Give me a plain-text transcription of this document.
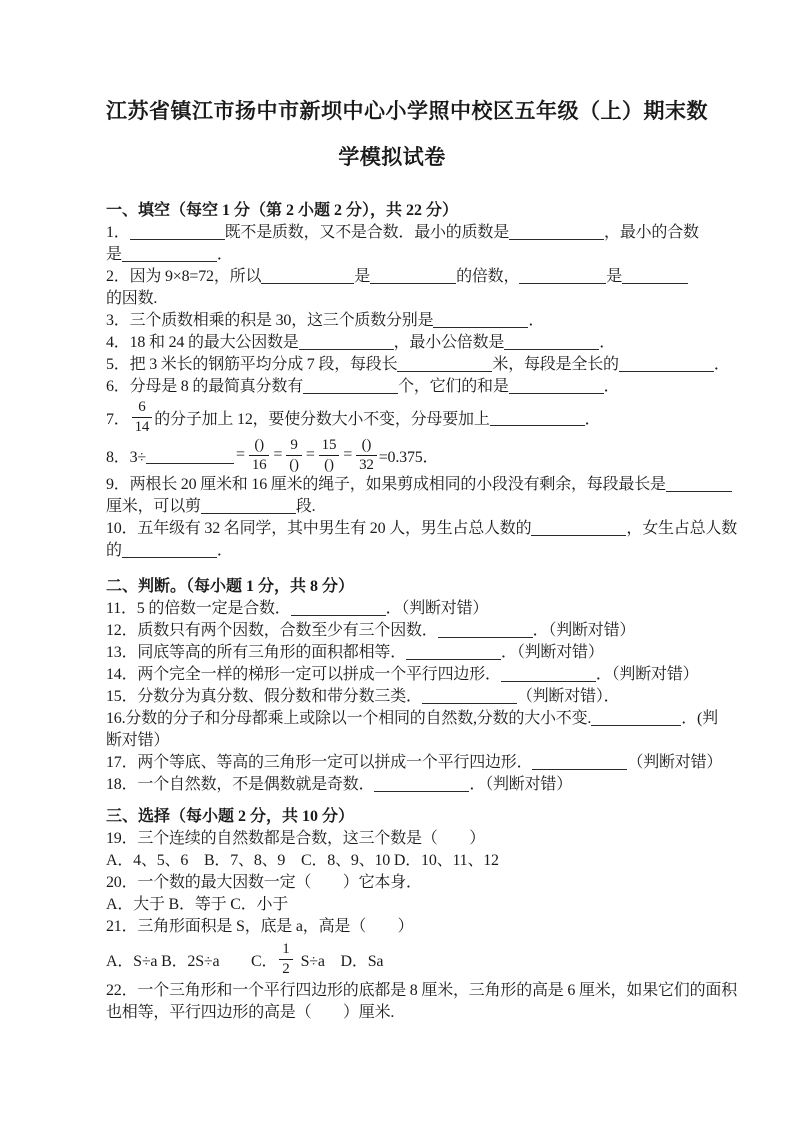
江苏省镇江市扬中市新坝中心小学照中校区五年级（上）期末数
学模拟试卷
一、填空（每空 1 分（第 2 小题 2 分），共 22 分）
1．	既不是质数，又不是合数．最小的质数是	，最小的合数
是	．
2．因为 9×8=72，所以	是	的倍数，	是
的因数.
3．三个质数相乘的积是 30，这三个质数分别是	．
4．18 和 24 的最大公因数是	，最小公倍数是	．
5．把 3 米长的钢筋平均分成 7 段，每段长	米，每段是全长的	．
6．分母是 8 的最简真分数有	个，它们的和是	．
7． $\frac{6}{14}$ 的分子加上 12，要使分数大小不变，分母要加上	．
8．3÷	= $\frac{()}{16} = \frac{9}{()} = \frac{15}{()} = \frac{()}{32} =0.375$．
9．两根长 20 厘米和 16 厘米的绳子，如果剪成相同的小段没有剩余，每段最长是
厘米，可以剪	段.
10．五年级有 32 名同学，其中男生有 20 人，男生占总人数的	，女生占总人数
的	．
二、判断。（每小题 1 分，共 8 分）
11．5 的倍数一定是合数．	．（判断对错）
12．质数只有两个因数，合数至少有三个因数．	．（判断对错）
13．同底等高的所有三角形的面积都相等．	．（判断对错）
14．两个完全一样的梯形一定可以拼成一个平行四边形．	．（判断对错）
15．分数分为真分数、假分数和带分数三类．	（判断对错）．
16.分数的分子和分母都乘上或除以一个相同的自然数,分数的大小不变.	．(判
断对错）
17．两个等底、等高的三角形一定可以拼成一个平行四边形．	（判断对错）
18．一个自然数，不是偶数就是奇数．	．（判断对错）
三、选择（每小题 2 分，共 10 分）
19．三个连续的自然数都是合数，这三个数是（　　）
A．4、5、6　B．7、8、9　C．8、9、10 D．10、11、12
20．一个数的最大因数一定（　　）它本身．
A．大于 B．等于 C．小于
21．三角形面积是 S，底是 a，高是（　　）
A．S÷a B．2S÷a　　C． $\frac{1}{2} S\div a$　D．Sa
22．一个三角形和一个平行四边形的底都是 8 厘米，三角形的高是 6 厘米，如果它们的面积
也相等，平行四边形的高是（　　）厘米.
